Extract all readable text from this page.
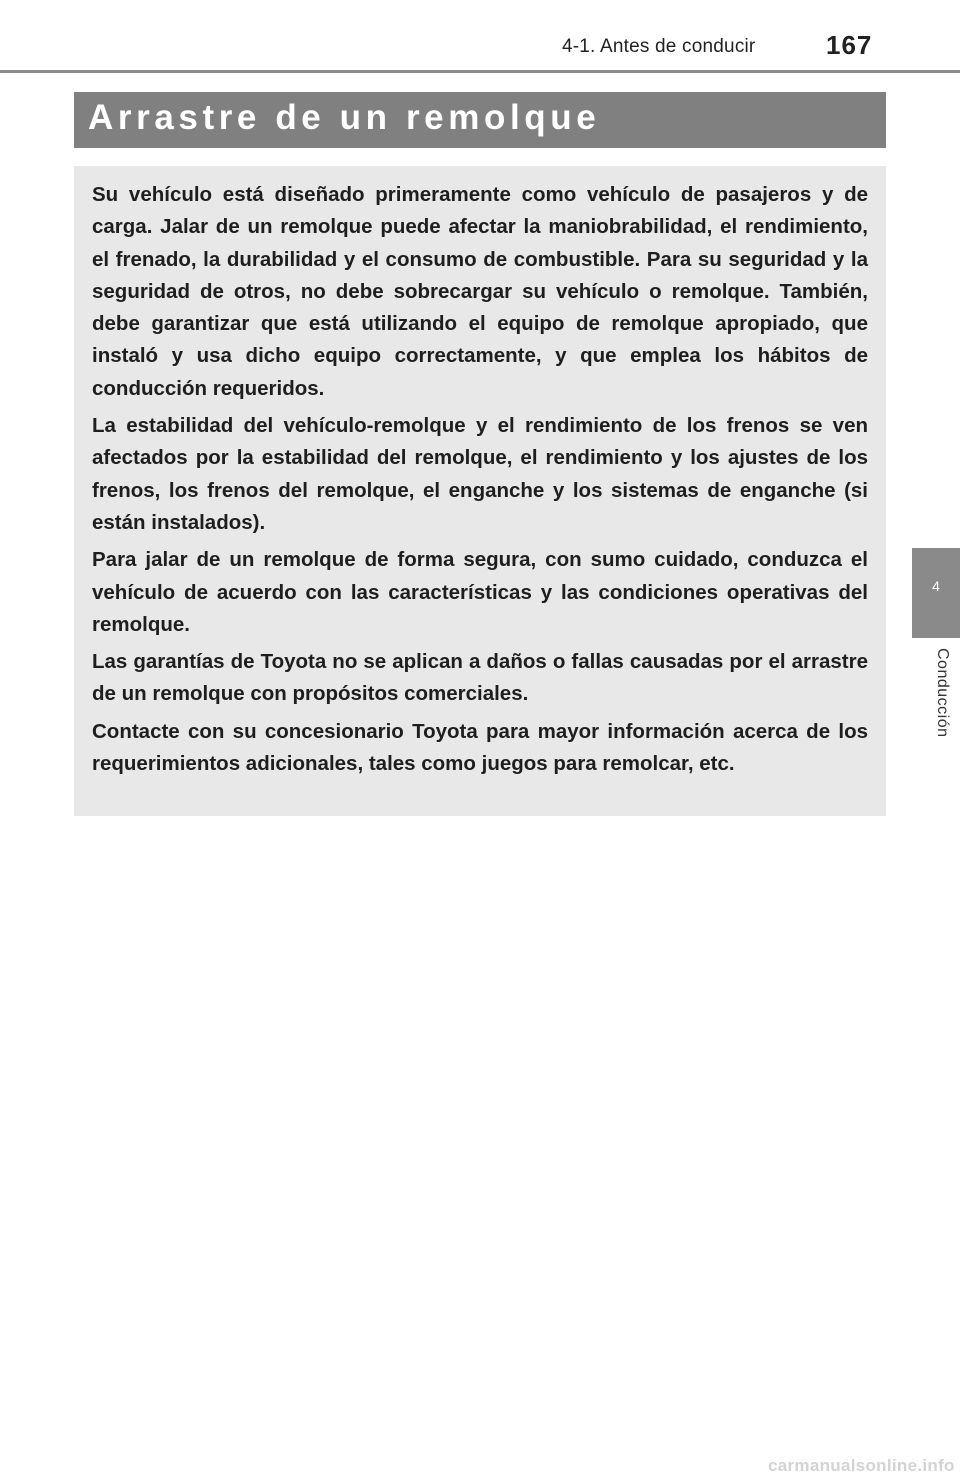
4-1. Antes de conducir	167
Arrastre de un remolque

Su vehículo está diseñado primeramente como vehículo de pasajeros y de carga. Jalar de un remolque puede afectar la maniobrabilidad, el rendimiento, el frenado, la durabilidad y el consumo de combustible. Para su seguridad y la seguridad de otros, no debe sobrecargar su vehículo o remolque. También, debe garantizar que está utilizando el equipo de remolque apropiado, que instaló y usa dicho equipo correctamente, y que emplea los hábitos de conducción requeridos.

La estabilidad del vehículo-remolque y el rendimiento de los frenos se ven afectados por la estabilidad del remolque, el rendimiento y los ajustes de los frenos, los frenos del remolque, el enganche y los sistemas de enganche (si están instalados).

Para jalar de un remolque de forma segura, con sumo cuidado, conduzca el vehículo de acuerdo con las características y las condiciones operativas del remolque.

Las garantías de Toyota no se aplican a daños o fallas causadas por el arrastre de un remolque con propósitos comerciales.

Contacte con su concesionario Toyota para mayor información acerca de los requerimientos adicionales, tales como juegos para remolcar, etc.

4
Conducción
carmanualsonline.info
